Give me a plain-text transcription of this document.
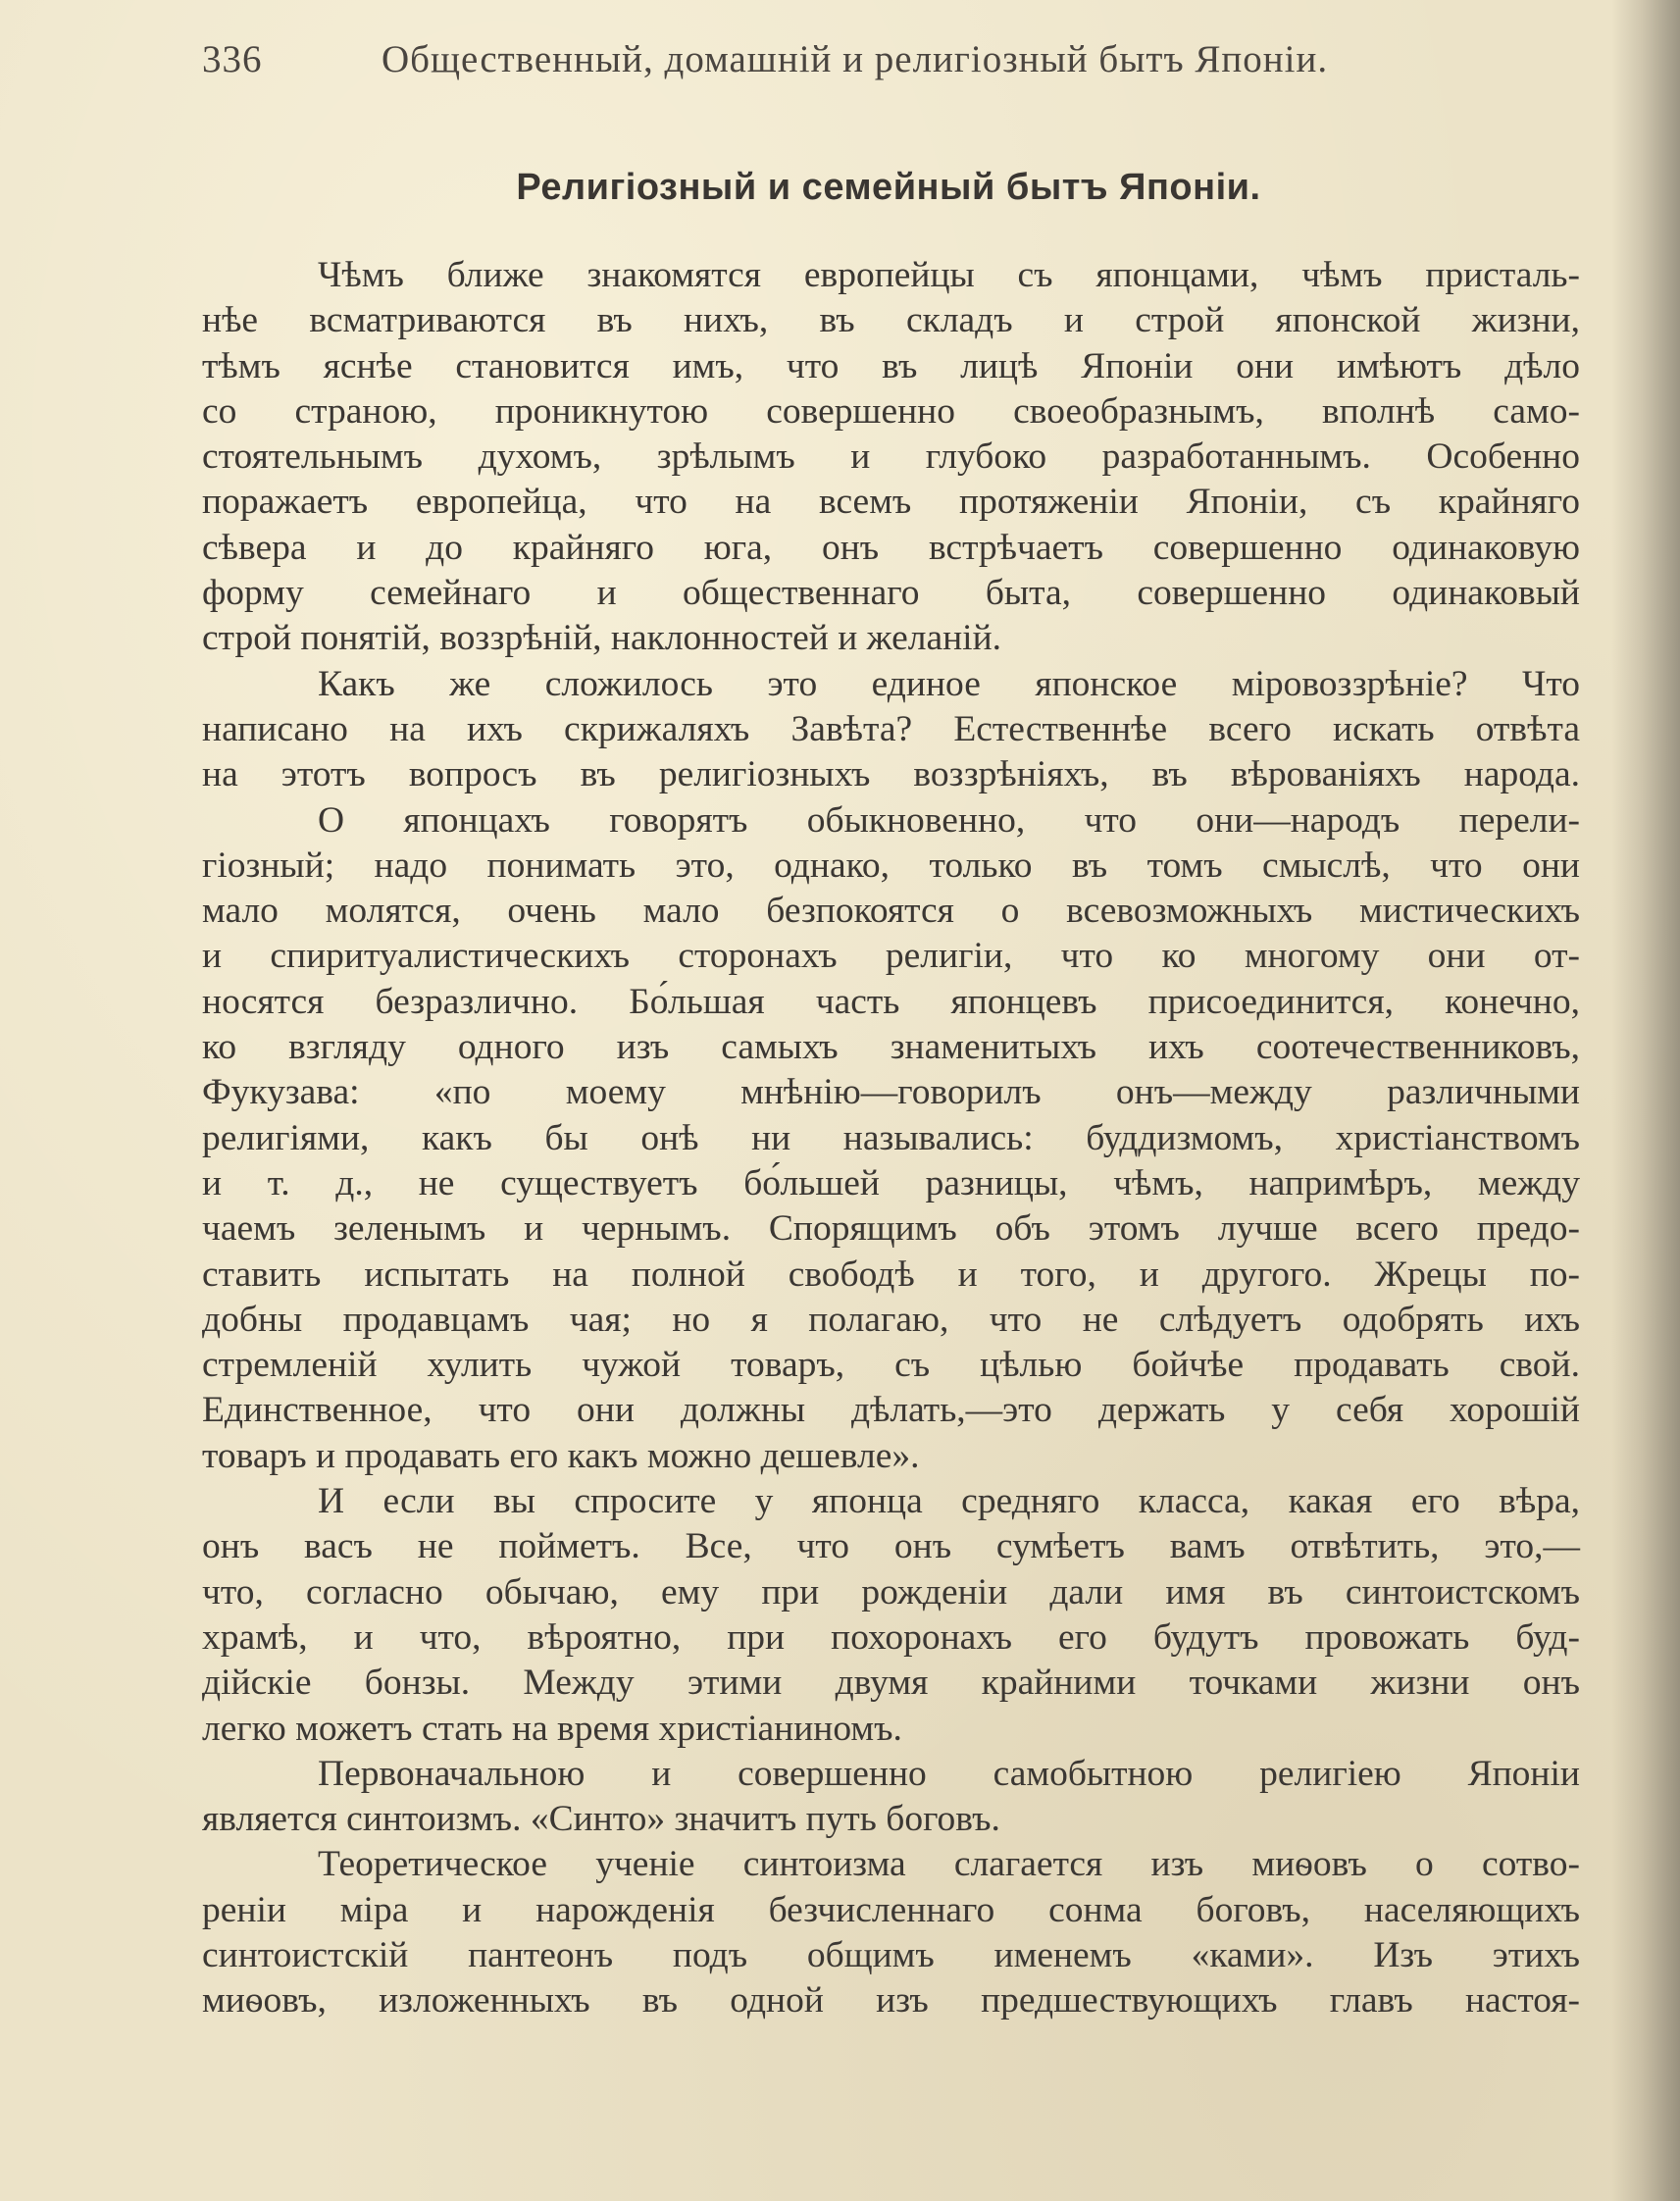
336	Общественный, домашній и религіозный бытъ Японіи.
Религіозный и семейный бытъ Японіи.
Чѣмъ ближе знакомятся европейцы съ японцами, чѣмъ присталь-
нѣе всматриваются въ нихъ, въ складъ и строй японской жизни,
тѣмъ яснѣе становится имъ, что въ лицѣ Японіи они имѣютъ дѣло
со страною, проникнутою совершенно своеобразнымъ, вполнѣ само-
стоятельнымъ духомъ, зрѣлымъ и глубоко разработаннымъ. Особенно
поражаетъ европейца, что на всемъ протяженіи Японіи, съ крайняго
сѣвера и до крайняго юга, онъ встрѣчаетъ совершенно одинаковую
форму семейнаго и общественнаго быта, совершенно одинаковый
строй понятій, воззрѣній, наклонностей и желаній.
Какъ же сложилось это единое японское міровоззрѣніе? Что
написано на ихъ скрижаляхъ Завѣта? Естественнѣе всего искать отвѣта
на этотъ вопросъ въ религіозныхъ воззрѣніяхъ, въ вѣрованіяхъ народа.
О японцахъ говорятъ обыкновенно, что они—народъ перели-
гіозный; надо понимать это, однако, только въ томъ смыслѣ, что они
мало молятся, очень мало безпокоятся о всевозможныхъ мистическихъ
и спиритуалистическихъ сторонахъ религіи, что ко многому они от-
носятся безразлично. Бо́льшая часть японцевъ присоединится, конечно,
ко взгляду одного изъ самыхъ знаменитыхъ ихъ соотечественниковъ,
Фукузава: «по моему мнѣнію—говорилъ онъ—между различными
религіями, какъ бы онѣ ни назывались: буддизмомъ, христіанствомъ
и т. д., не существуетъ бо́льшей разницы, чѣмъ, напримѣръ, между
чаемъ зеленымъ и чернымъ. Спорящимъ объ этомъ лучше всего предо-
ставить испытать на полной свободѣ и того, и другого. Жрецы по-
добны продавцамъ чая; но я полагаю, что не слѣдуетъ одобрять ихъ
стремленій хулить чужой товаръ, съ цѣлью бойчѣе продавать свой.
Единственное, что они должны дѣлать,—это держать у себя хорошій
товаръ и продавать его какъ можно дешевле».
И если вы спросите у японца средняго класса, какая его вѣра,
онъ васъ не пойметъ. Все, что онъ сумѣетъ вамъ отвѣтить, это,—
что, согласно обычаю, ему при рожденіи дали имя въ синтоистскомъ
храмѣ, и что, вѣроятно, при похоронахъ его будутъ провожать буд-
дійскіе бонзы. Между этими двумя крайними точками жизни онъ
легко можетъ стать на время христіаниномъ.
Первоначальною и совершенно самобытною религіею Японіи
является синтоизмъ. «Синто» значитъ путь боговъ.
Теоретическое ученіе синтоизма слагается изъ миѳовъ о сотво-
реніи міра и нарожденія безчисленнаго сонма боговъ, населяющихъ
синтоистскій пантеонъ подъ общимъ именемъ «ками». Изъ этихъ
миѳовъ, изложенныхъ въ одной изъ предшествующихъ главъ настоя-
